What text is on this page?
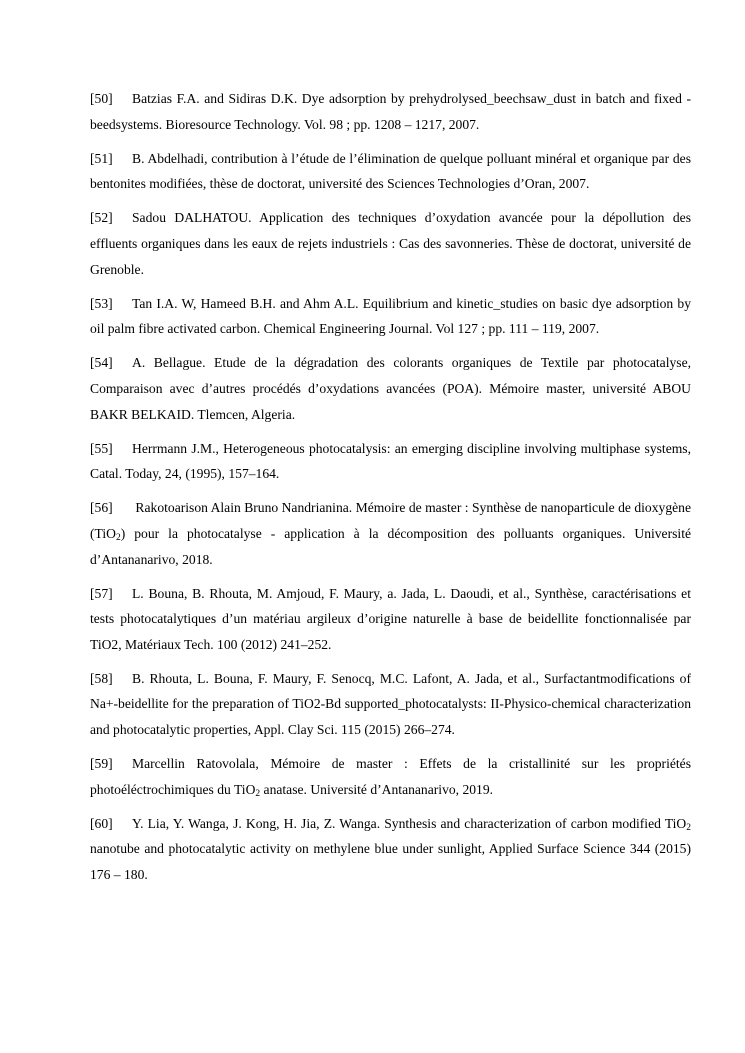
[50] Batzias F.A. and Sidiras D.K. Dye adsorption by prehydrolysed_beechsaw_dust in batch and fixed - beedsystems. Bioresource Technology. Vol. 98 ; pp. 1208 – 1217, 2007.

[51] B. Abdelhadi, contribution à l’étude de l’élimination de quelque polluant minéral et organique par des bentonites modifiées, thèse de doctorat, université des Sciences Technologies d’Oran, 2007.

[52] Sadou DALHATOU. Application des techniques d’oxydation avancée pour la dépollution des effluents organiques dans les eaux de rejets industriels : Cas des savonneries. Thèse de doctorat, université de Grenoble.

[53] Tan I.A. W, Hameed B.H. and Ahm A.L. Equilibrium and kinetic_studies on basic dye adsorption by oil palm fibre activated carbon. Chemical Engineering Journal. Vol 127 ; pp. 111 – 119, 2007.

[54] A. Bellague. Etude de la dégradation des colorants organiques de Textile par photocatalyse, Comparaison avec d’autres procédés d’oxydations avancées (POA). Mémoire master, université ABOU BAKR BELKAID. Tlemcen, Algeria.

[55] Herrmann J.M., Heterogeneous photocatalysis: an emerging discipline involving multiphase systems, Catal. Today, 24, (1995), 157–164.

[56] Rakotoarison Alain Bruno Nandrianina. Mémoire de master : Synthèse de nanoparticule de dioxygène (TiO$_2$) pour la photocatalyse - application à la décomposition des polluants organiques. Université d’Antananarivo, 2018.

[57] L. Bouna, B. Rhouta, M. Amjoud, F. Maury, a. Jada, L. Daoudi, et al., Synthèse, caractérisations et tests photocatalytiques d’un matériau argileux d’origine naturelle à base de beidellite fonctionnalisée par TiO2, Matériaux Tech. 100 (2012) 241–252.

[58] B. Rhouta, L. Bouna, F. Maury, F. Senocq, M.C. Lafont, A. Jada, et al., Surfactantmodifications of Na+-beidellite for the preparation of TiO2-Bd supported_photocatalysts: II-Physico-chemical characterization and photocatalytic properties, Appl. Clay Sci. 115 (2015) 266–274.

[59] Marcellin Ratovolala, Mémoire de master : Effets de la cristallinité sur les propriétés photoéléctrochimiques du TiO$_2$ anatase. Université d’Antananarivo, 2019.

[60] Y. Lia, Y. Wanga, J. Kong, H. Jia, Z. Wanga. Synthesis and characterization of carbon modified TiO$_2$ nanotube and photocatalytic activity on methylene blue under sunlight, Applied Surface Science 344 (2015) 176 – 180.
